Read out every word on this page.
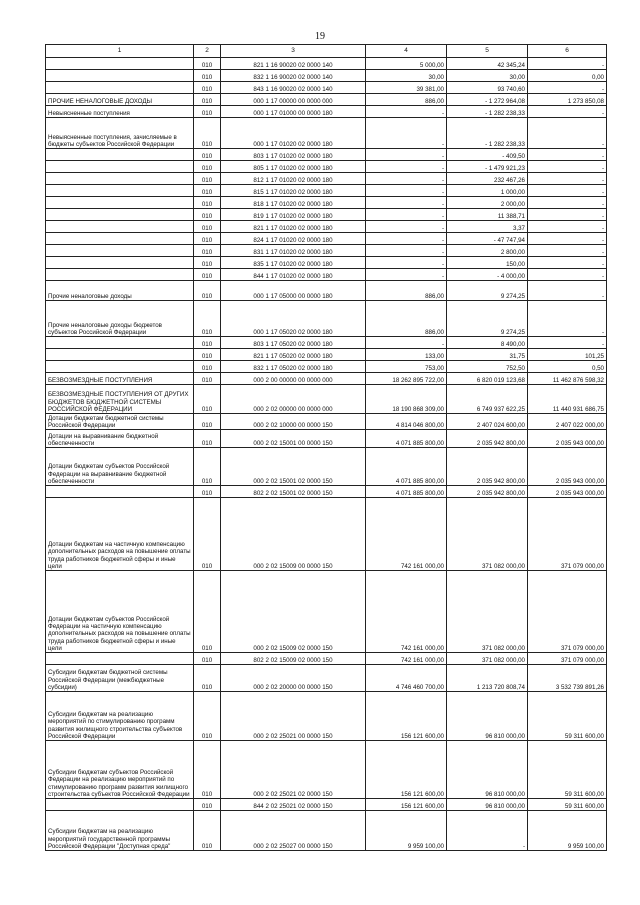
19
1	2	3	4	5	6
	010	821 1 16 90020 02 0000 140	5 000,00	42 345,24	-
	010	832 1 16 90020 02 0000 140	30,00	30,00	0,00
	010	843 1 16 90020 02 0000 140	39 381,00	93 740,60	-
ПРОЧИЕ НЕНАЛОГОВЫЕ ДОХОДЫ	010	000 1 17 00000 00 0000 000	886,00	- 1 272 964,08	1 273 850,08
Невыясненные поступления	010	000 1 17 01000 00 0000 180	-	- 1 282 238,33	-
Невыясненные поступления, зачисляемые в бюджеты субъектов Российской Федерации	010	000 1 17 01020 02 0000 180	-	- 1 282 238,33	-
	010	803 1 17 01020 02 0000 180	-	- 409,50	-
	010	805 1 17 01020 02 0000 180	-	- 1 479 921,23	-
	010	812 1 17 01020 02 0000 180	-	232 467,26	-
	010	815 1 17 01020 02 0000 180	-	1 000,00	-
	010	818 1 17 01020 02 0000 180	-	2 000,00	-
	010	819 1 17 01020 02 0000 180	-	11 388,71	-
	010	821 1 17 01020 02 0000 180	-	3,37	-
	010	824 1 17 01020 02 0000 180	-	- 47 747,94	-
	010	831 1 17 01020 02 0000 180	-	2 800,00	-
	010	835 1 17 01020 02 0000 180	-	150,00	-
	010	844 1 17 01020 02 0000 180	-	- 4 000,00	-
Прочие неналоговые доходы	010	000 1 17 05000 00 0000 180	886,00	9 274,25	-
Прочие неналоговые доходы бюджетов субъектов Российской Федерации	010	000 1 17 05020 02 0000 180	886,00	9 274,25	-
	010	803 1 17 05020 02 0000 180	-	8 490,00	-
	010	821 1 17 05020 02 0000 180	133,00	31,75	101,25
	010	832 1 17 05020 02 0000 180	753,00	752,50	0,50
БЕЗВОЗМЕЗДНЫЕ ПОСТУПЛЕНИЯ	010	000 2 00 00000 00 0000 000	18 262 895 722,00	6 820 019 123,68	11 462 876 598,32
БЕЗВОЗМЕЗДНЫЕ ПОСТУПЛЕНИЯ ОТ ДРУГИХ БЮДЖЕТОВ БЮДЖЕТНОЙ СИСТЕМЫ РОССИЙСКОЙ ФЕДЕРАЦИИ	010	000 2 02 00000 00 0000 000	18 190 868 309,00	6 749 937 622,25	11 440 931 686,75
Дотации бюджетам бюджетной системы Российской Федерации	010	000 2 02 10000 00 0000 150	4 814 046 800,00	2 407 024 600,00	2 407 022 000,00
Дотации на выравнивание бюджетной обеспеченности	010	000 2 02 15001 00 0000 150	4 071 885 800,00	2 035 942 800,00	2 035 943 000,00
Дотации бюджетам субъектов Российской Федерации на выравнивание бюджетной обеспеченности	010	000 2 02 15001 02 0000 150	4 071 885 800,00	2 035 942 800,00	2 035 943 000,00
	010	802 2 02 15001 02 0000 150	4 071 885 800,00	2 035 942 800,00	2 035 943 000,00
Дотации бюджетам на частичную компенсацию дополнительных расходов на повышение оплаты труда работников бюджетной сферы и иные цели	010	000 2 02 15009 00 0000 150	742 161 000,00	371 082 000,00	371 079 000,00
Дотации бюджетам субъектов Российской Федерации на частичную компенсацию дополнительных расходов на повышение оплаты труда работников бюджетной сферы и иные цели	010	000 2 02 15009 02 0000 150	742 161 000,00	371 082 000,00	371 079 000,00
	010	802 2 02 15009 02 0000 150	742 161 000,00	371 082 000,00	371 079 000,00
Субсидии бюджетам бюджетной системы Российской Федерации (межбюджетные субсидии)	010	000 2 02 20000 00 0000 150	4 746 460 700,00	1 213 720 808,74	3 532 739 891,26
Субсидии бюджетам на реализацию мероприятий по стимулированию программ развития жилищного строительства субъектов Российской Федерации	010	000 2 02 25021 00 0000 150	156 121 600,00	96 810 000,00	59 311 600,00
Субсидии бюджетам субъектов Российской Федерации на реализацию мероприятий по стимулированию программ развития жилищного строительства субъектов Российской Федерации	010	000 2 02 25021 02 0000 150	156 121 600,00	96 810 000,00	59 311 600,00
	010	844 2 02 25021 02 0000 150	156 121 600,00	96 810 000,00	59 311 600,00
Субсидии бюджетам на реализацию мероприятий государственной программы Российской Федерации "Доступная среда"	010	000 2 02 25027 00 0000 150	9 959 100,00	-	9 959 100,00
